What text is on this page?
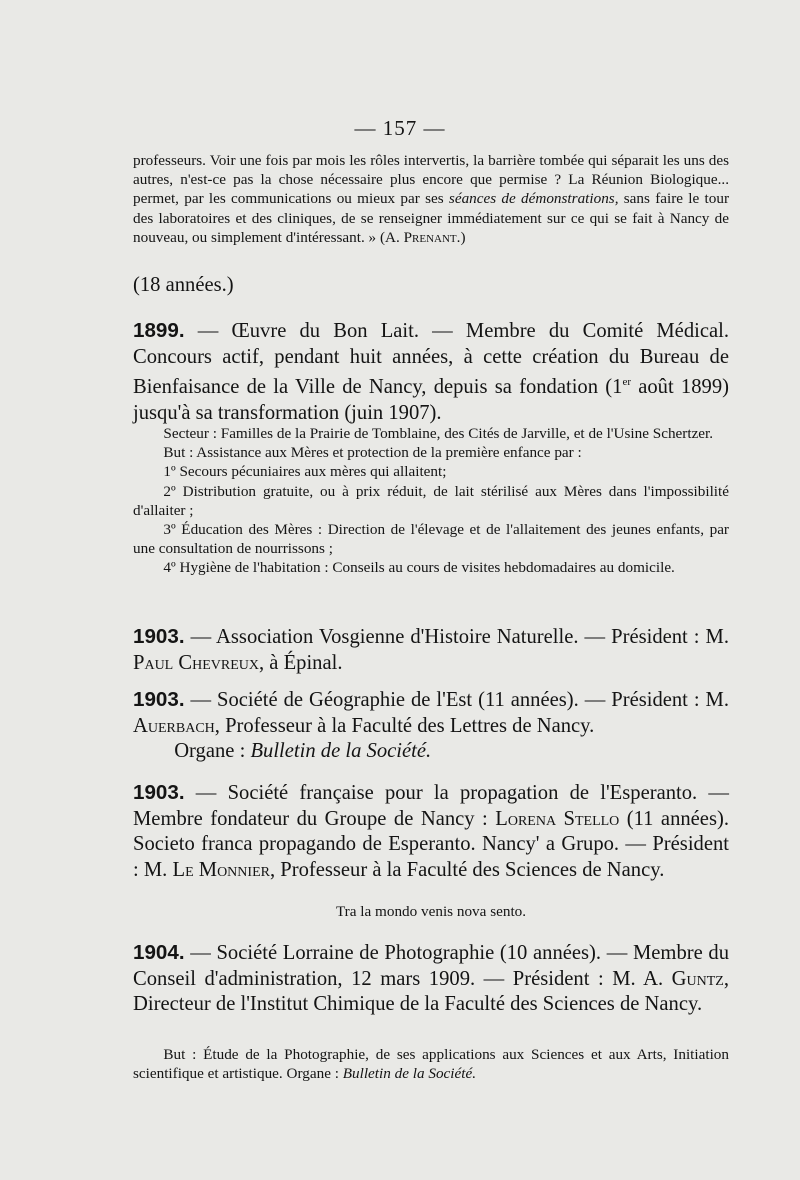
— 157 —

professeurs. Voir une fois par mois les rôles intervertis, la barrière tombée qui séparait les uns des autres, n'est-ce pas la chose nécessaire plus encore que permise ? La Réunion Biologique... permet, par les communications ou mieux par ses séances de démonstrations, sans faire le tour des laboratoires et des cliniques, de se renseigner immédiatement sur ce qui se fait à Nancy de nouveau, ou simplement d'intéressant. » (A. Prenant.)

(18 années.)

1899. — Œuvre du Bon Lait. — Membre du Comité Médical. Concours actif, pendant huit années, à cette création du Bureau de Bienfaisance de la Ville de Nancy, depuis sa fondation (1er août 1899) jusqu'à sa transformation (juin 1907).

Secteur : Familles de la Prairie de Tomblaine, des Cités de Jarville, et de l'Usine Schertzer.

But : Assistance aux Mères et protection de la première enfance par :

1º Secours pécuniaires aux mères qui allaitent;

2º Distribution gratuite, ou à prix réduit, de lait stérilisé aux Mères dans l'impossibilité d'allaiter ;

3º Éducation des Mères : Direction de l'élevage et de l'allaitement des jeunes enfants, par une consultation de nourrissons ;

4º Hygiène de l'habitation : Conseils au cours de visites hebdomadaires au domicile.

1903. — Association Vosgienne d'Histoire Naturelle. — Président : M. Paul Chevreux, à Épinal.

1903. — Société de Géographie de l'Est (11 années). — Président : M. Auerbach, Professeur à la Faculté des Lettres de Nancy.

Organe : Bulletin de la Société.

1903. — Société française pour la propagation de l'Esperanto. — Membre fondateur du Groupe de Nancy : Lorena Stello (11 années). Societo franca propagando de Esperanto. Nancy' a Grupo. — Président : M. Le Monnier, Professeur à la Faculté des Sciences de Nancy.

Tra la mondo venis nova sento.

1904. — Société Lorraine de Photographie (10 années). — Membre du Conseil d'administration, 12 mars 1909. — Président : M. A. Guntz, Directeur de l'Institut Chimique de la Faculté des Sciences de Nancy.

But : Étude de la Photographie, de ses applications aux Sciences et aux Arts, Initiation scientifique et artistique. Organe : Bulletin de la Société.
